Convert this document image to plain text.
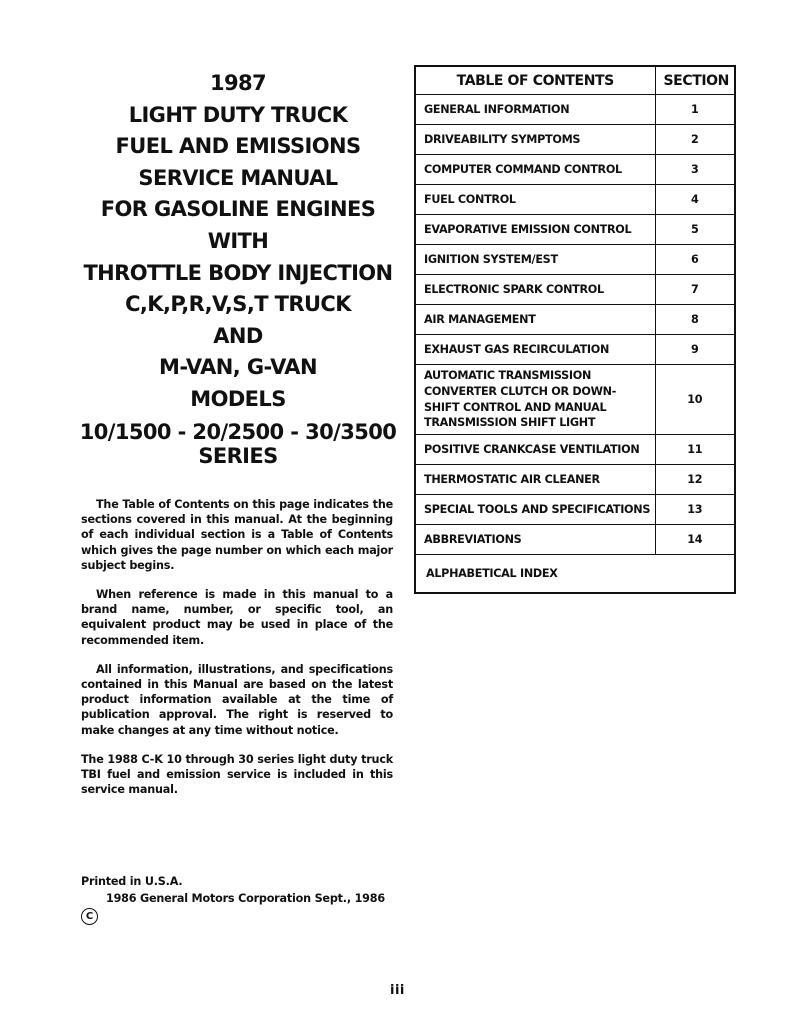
1987
LIGHT DUTY TRUCK
FUEL AND EMISSIONS
SERVICE MANUAL
FOR GASOLINE ENGINES
WITH
THROTTLE BODY INJECTION
C,K,P,R,V,S,T TRUCK
AND
M-VAN, G-VAN
MODELS
10/1500 - 20/2500 - 30/3500
SERIES

The Table of Contents on this page indicates the sections covered in this manual. At the beginning of each individual section is a Table of Contents which gives the page number on which each major subject begins.

When reference is made in this manual to a brand name, number, or specific tool, an equivalent product may be used in place of the recommended item.

All information, illustrations, and specifications contained in this Manual are based on the latest product information available at the time of publication approval. The right is reserved to make changes at any time without notice.

The 1988 C-K 10 through 30 series light duty truck TBI fuel and emission service is included in this service manual.

Printed in U.S.A.
1986 General Motors Corporation Sept., 1986
C
TABLE OF CONTENTS	SECTION
GENERAL INFORMATION	1
DRIVEABILITY SYMPTOMS	2
COMPUTER COMMAND CONTROL	3
FUEL CONTROL	4
EVAPORATIVE EMISSION CONTROL	5
IGNITION SYSTEM/EST	6
ELECTRONIC SPARK CONTROL	7
AIR MANAGEMENT	8
EXHAUST GAS RECIRCULATION	9

AUTOMATIC TRANSMISSION
CONVERTER CLUTCH OR DOWN-
SHIFT CONTROL AND MANUAL
TRANSMISSION SHIFT LIGHT	10
POSITIVE CRANKCASE VENTILATION	11
THERMOSTATIC AIR CLEANER	12
SPECIAL TOOLS AND SPECIFICATIONS	13
ABBREVIATIONS	14
ALPHABETICAL INDEX	
iii
